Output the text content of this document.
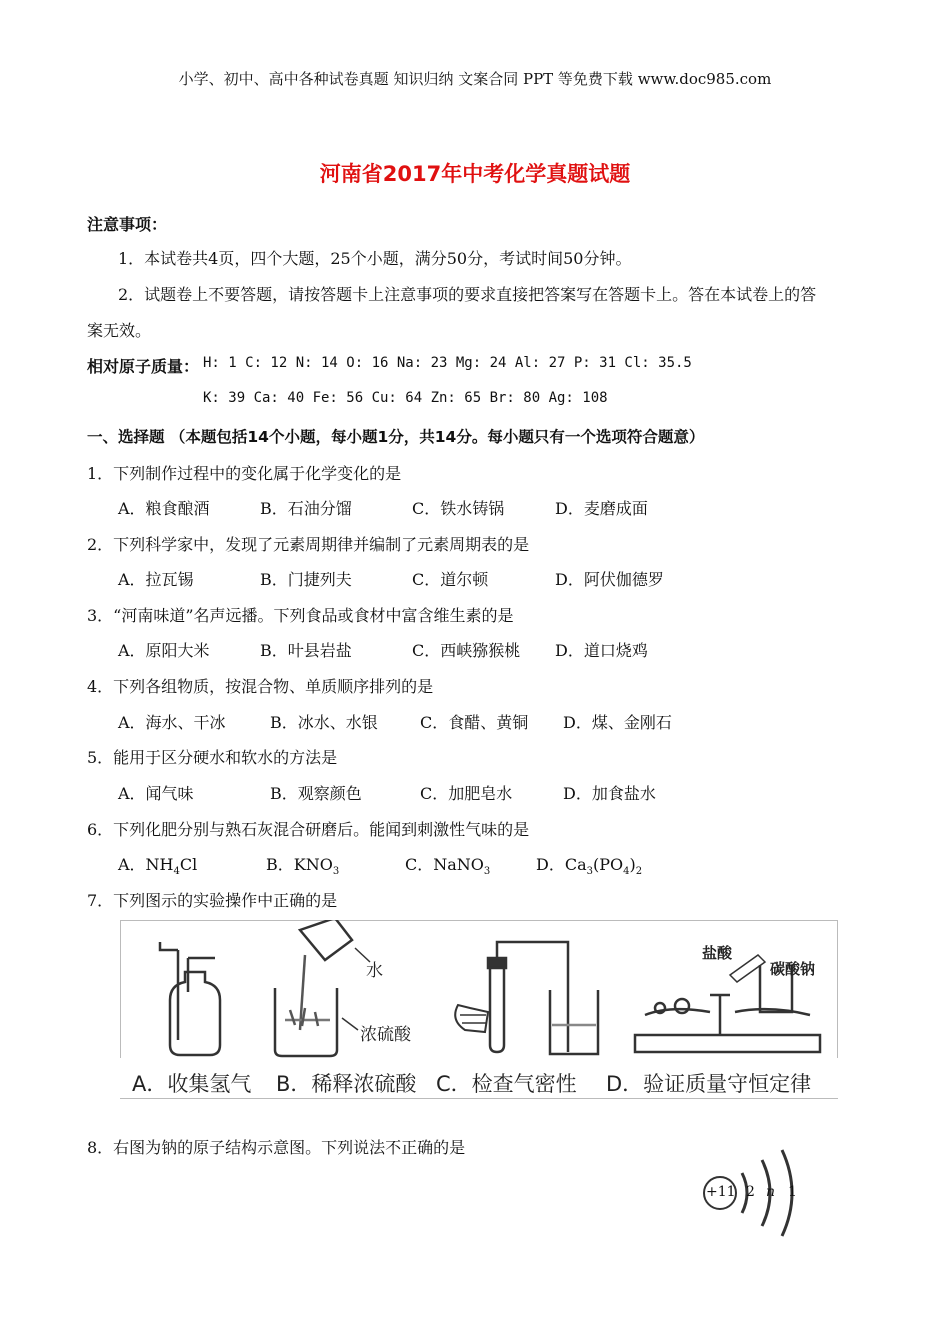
小学、初中、高中各种试卷真题 知识归纳 文案合同 PPT 等免费下载 www.doc985.com
河南省2017年中考化学真题试题
注意事项：
1．本试卷共4页，四个大题，25个小题，满分50分，考试时间50分钟。
2．试题卷上不要答题，请按答题卡上注意事项的要求直接把答案写在答题卡上。答在本试卷上的答
案无效。
相对原子质量： H: 1 C: 12 N: 14 O: 16 Na: 23 Mg: 24 Al: 27 P: 31 Cl: 35.5
K: 39 Ca: 40 Fe: 56 Cu: 64 Zn: 65 Br: 80 Ag: 108
一、选择题 （本题包括14个小题，每小题1分，共14分。每小题只有一个选项符合题意）
1．下列制作过程中的变化属于化学变化的是
A．粮食酿酒	B．石油分馏	C．铁水铸锅	D．麦磨成面
2．下列科学家中，发现了元素周期律并编制了元素周期表的是
A．拉瓦锡	B．门捷列夫	C．道尔顿	D．阿伏伽德罗
3．“河南味道”名声远播。下列食品或食材中富含维生素的是
A．原阳大米	B．叶县岩盐	C．西峡猕猴桃 D．道口烧鸡
4．下列各组物质，按混合物、单质顺序排列的是
A．海水、干冰	B．冰水、水银	C．食醋、黄铜 D．煤、金刚石
5．能用于区分硬水和软水的方法是
A．闻气味	B．观察颜色	C．加肥皂水	D．加食盐水
6．下列化肥分别与熟石灰混合研磨后。能闻到刺激性气味的是
A．$NH_4Cl$	B．$KNO_3$	C．NaNO$_3$	D．$Ca_3(PO_4)_2$
7．下列图示的实验操作中正确的是
水
浓硫酸
盐酸
碳酸钠
A．收集氢气 B．稀释浓硫酸 C．检查气密性 D．验证质量守恒定律
8．右图为钠的原子结构示意图。下列说法不正确的是
+11 2 n 1
